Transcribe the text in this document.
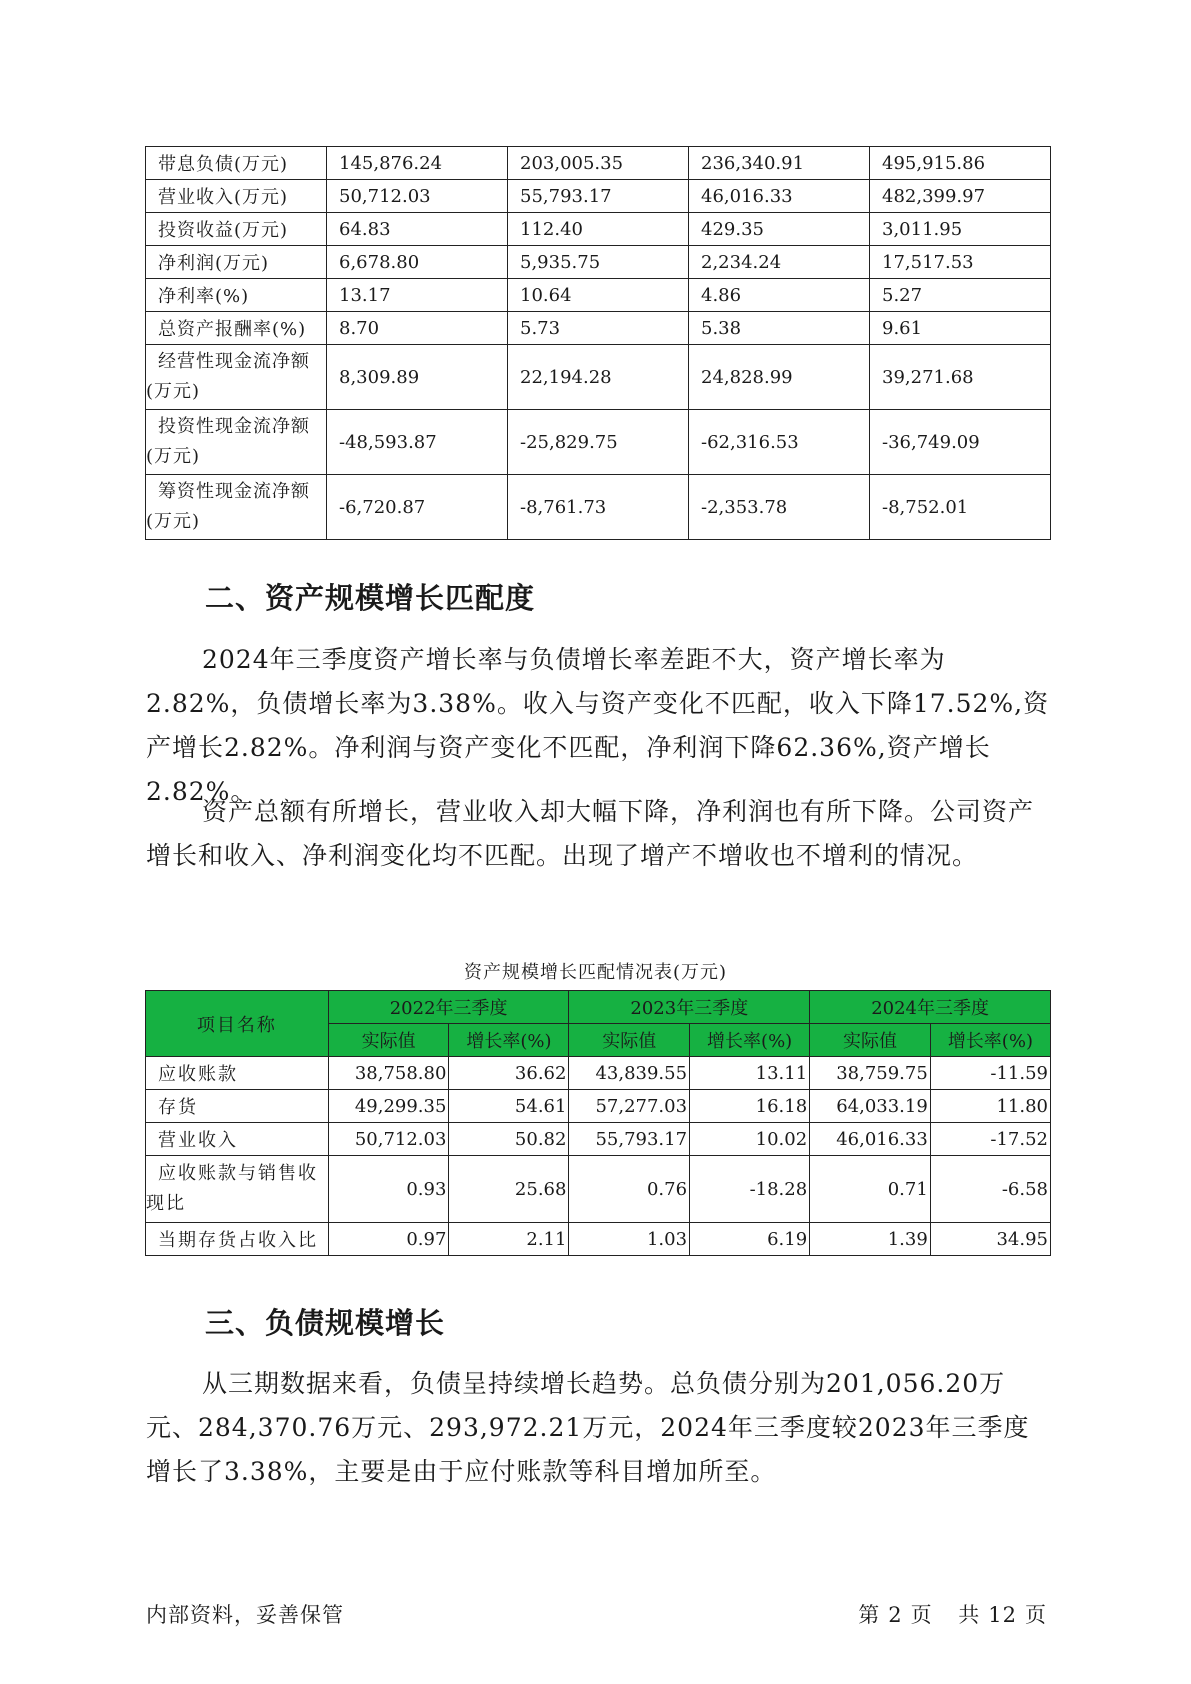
带息负债(万元)	145,876.24	203,005.35	236,340.91	495,915.86
营业收入(万元)	50,712.03	55,793.17	46,016.33	482,399.97
投资收益(万元)	64.83	112.40	429.35	3,011.95
净利润(万元)	6,678.80	5,935.75	2,234.24	17,517.53
净利率(%)	13.17	10.64	4.86	5.27
总资产报酬率(%)	8.70	5.73	5.38	9.61
经营性现金流净额(万元)	8,309.89	22,194.28	24,828.99	39,271.68
投资性现金流净额(万元)	-48,593.87	-25,829.75	-62,316.53	-36,749.09
筹资性现金流净额(万元)	-6,720.87	-8,761.73	-2,353.78	-8,752.01
二、资产规模增长匹配度

2024年三季度资产增长率与负债增长率差距不大，资产增长率为2.82%，负债增长率为3.38%。收入与资产变化不匹配，收入下降17.52%,资产增长2.82%。净利润与资产变化不匹配，净利润下降62.36%,资产增长2.82%。

资产总额有所增长，营业收入却大幅下降，净利润也有所下降。公司资产增长和收入、净利润变化均不匹配。出现了增产不增收也不增利的情况。

资产规模增长匹配情况表(万元)
项目名称	2022年三季度		2023年三季度		2024年三季度	
	实际值	增长率(%)	实际值	增长率(%)	实际值	增长率(%)
应收账款	38,758.80	36.62	43,839.55	13.11	38,759.75	-11.59
存货	49,299.35	54.61	57,277.03	16.18	64,033.19	11.80
营业收入	50,712.03	50.82	55,793.17	10.02	46,016.33	-17.52
应收账款与销售收现比	0.93	25.68	0.76	-18.28	0.71	-6.58
当期存货占收入比	0.97	2.11	1.03	6.19	1.39	34.95
三、负债规模增长

从三期数据来看，负债呈持续增长趋势。总负债分别为201,056.20万元、284,370.76万元、293,972.21万元，2024年三季度较2023年三季度增长了3.38%，主要是由于应付账款等科目增加所至。

内部资料，妥善保管	第 2 页 共 12 页
